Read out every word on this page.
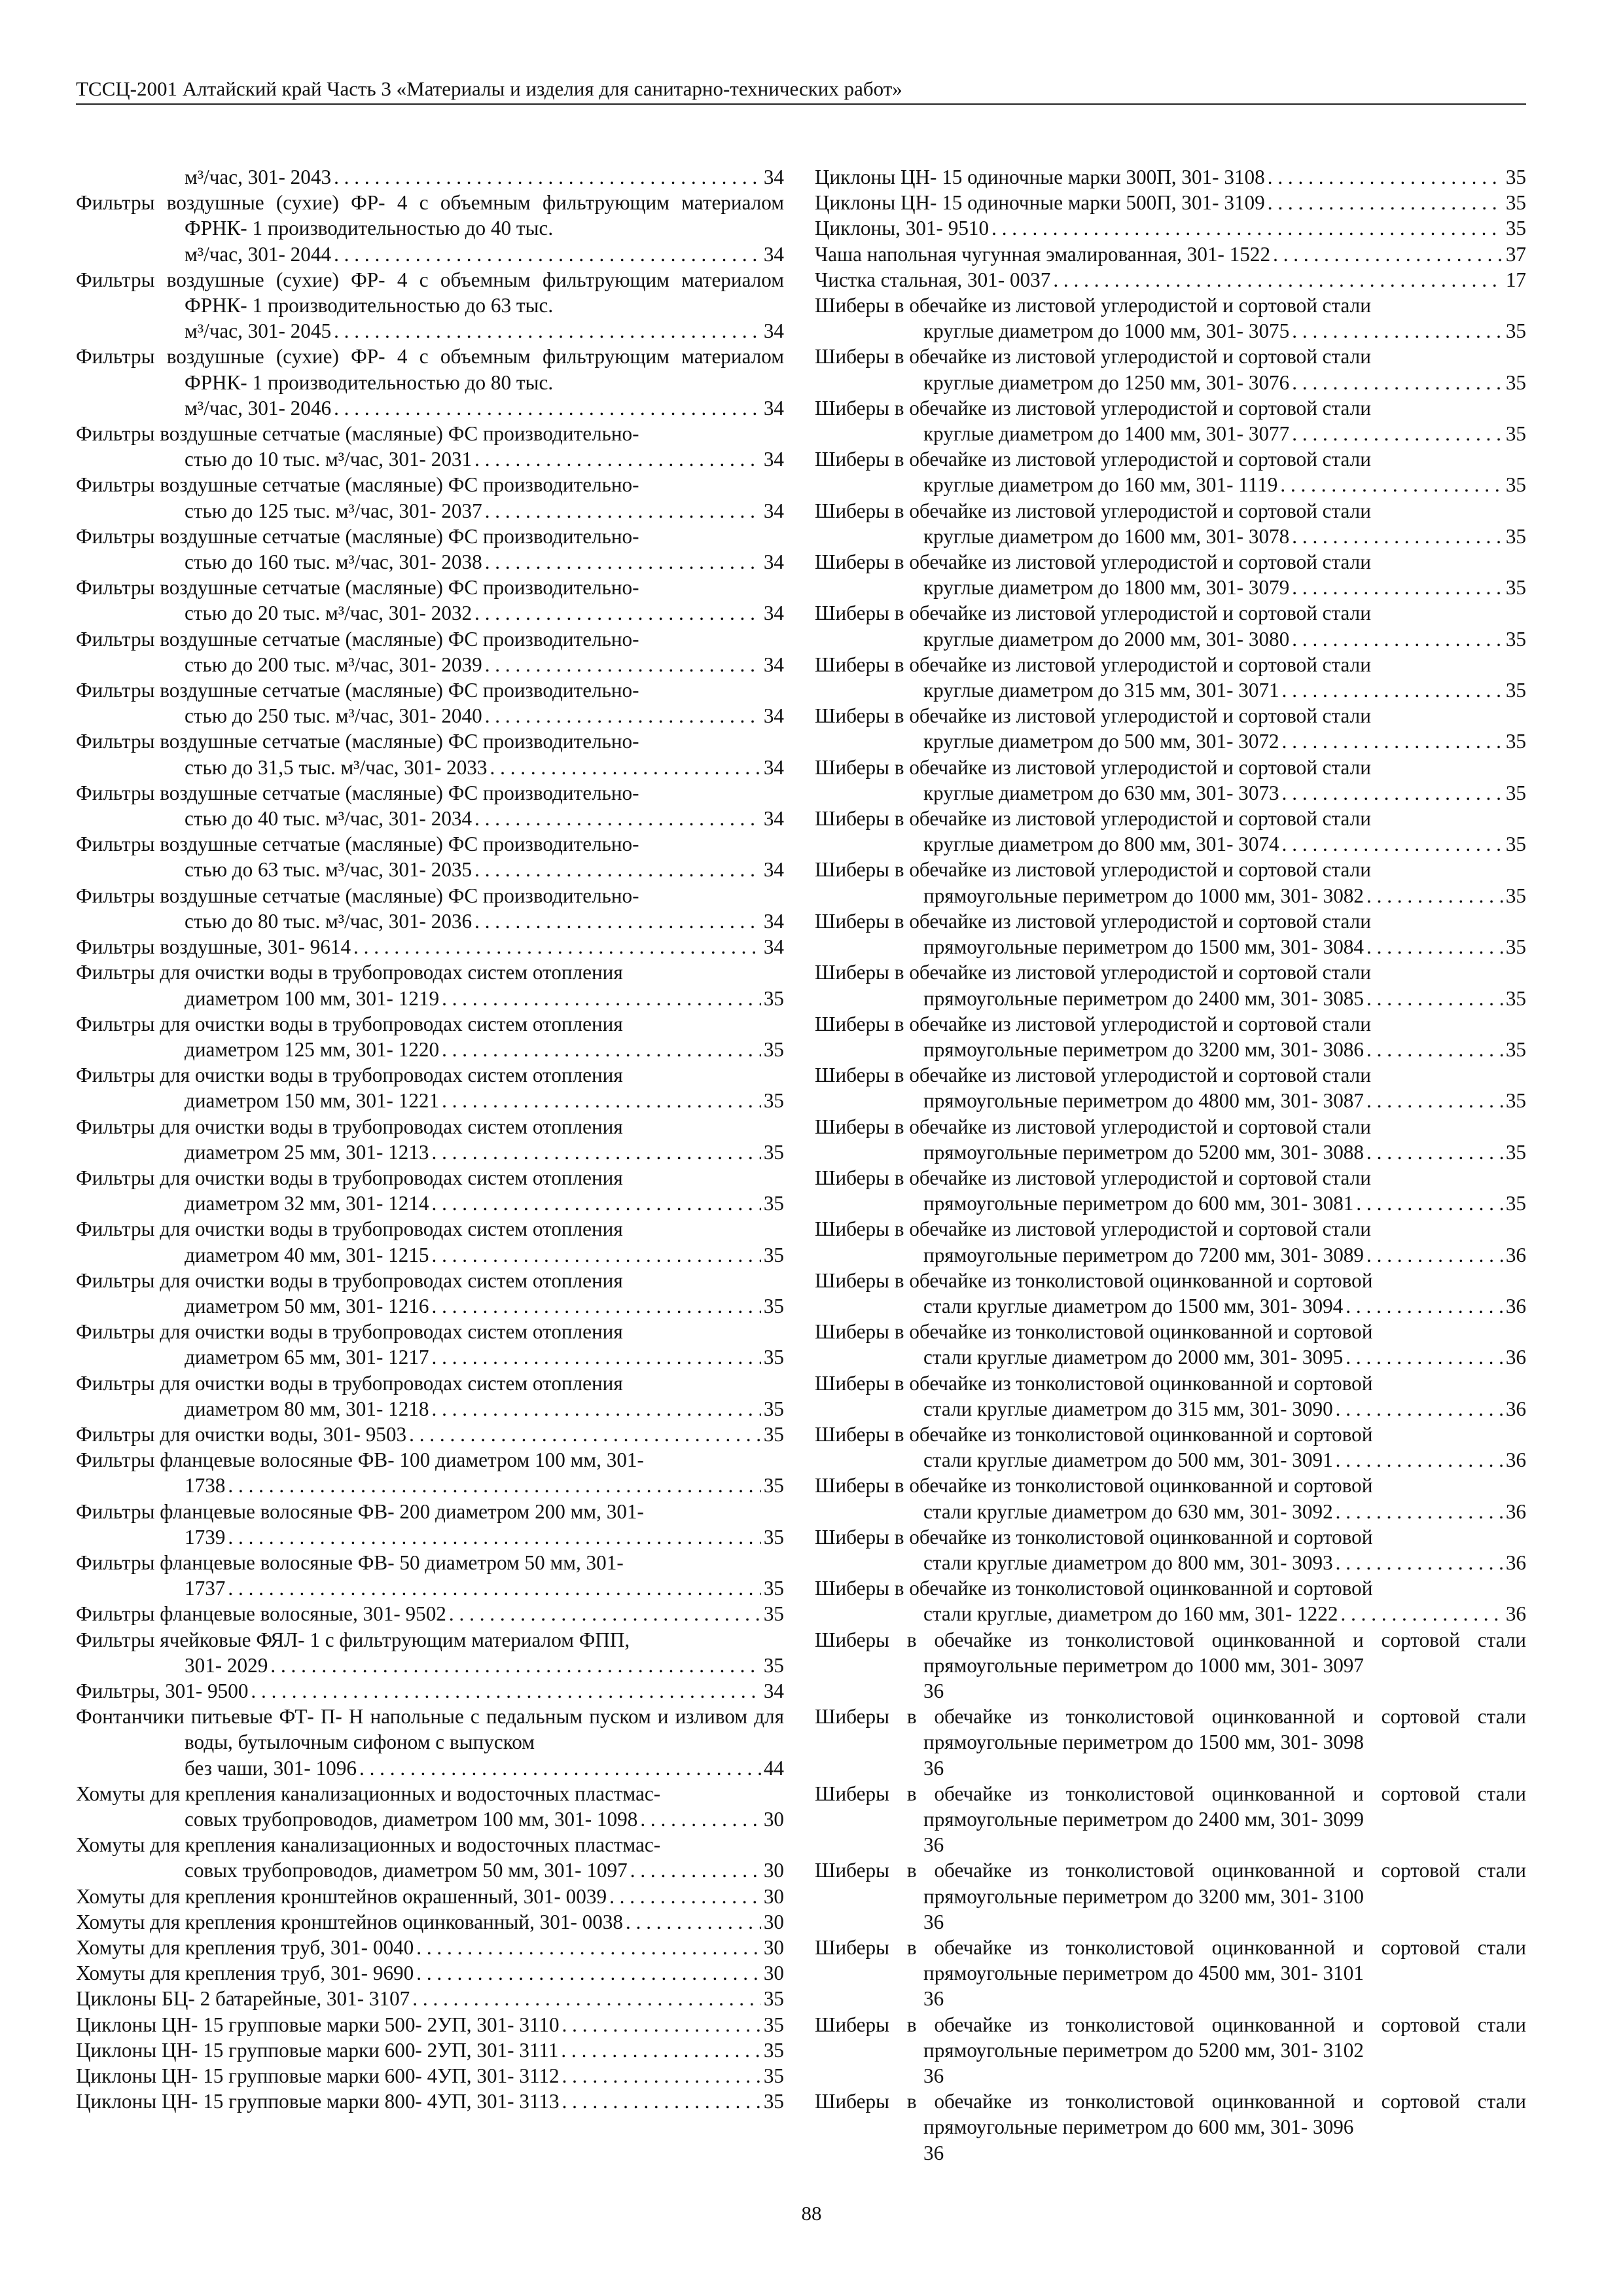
ТССЦ-2001 Алтайский край Часть 3 «Материалы и изделия для санитарно-технических работ»
м³/час, 301- 2043 . . .	34
Фильтры воздушные (сухие) ФР- 4 с объемным фильтрующим материалом ФРНК- 1 производительностью до 40 тыс.
м³/час, 301- 2044 . . .	34
Фильтры воздушные (сухие) ФР- 4 с объемным фильтрующим материалом ФРНК- 1 производительностью до 63 тыс.
м³/час, 301- 2045 . . .	34
Фильтры воздушные (сухие) ФР- 4 с объемным фильтрующим материалом ФРНК- 1 производительностью до 80 тыс.
м³/час, 301- 2046 . . .	34
Фильтры воздушные сетчатые (масляные) ФС производительно-
стью до 10 тыс. м³/час, 301- 2031 . . .	34
Фильтры воздушные сетчатые (масляные) ФС производительно-
стью до 125 тыс. м³/час, 301- 2037 . . .	34
Фильтры воздушные сетчатые (масляные) ФС производительно-
стью до 160 тыс. м³/час, 301- 2038 . . .	34
Фильтры воздушные сетчатые (масляные) ФС производительно-
стью до 20 тыс. м³/час, 301- 2032 . . .	34
Фильтры воздушные сетчатые (масляные) ФС производительно-
стью до 200 тыс. м³/час, 301- 2039 . . .	34
Фильтры воздушные сетчатые (масляные) ФС производительно-
стью до 250 тыс. м³/час, 301- 2040 . . .	34
Фильтры воздушные сетчатые (масляные) ФС производительно-
стью до 31,5 тыс. м³/час, 301- 2033 . . .	34
Фильтры воздушные сетчатые (масляные) ФС производительно-
стью до 40 тыс. м³/час, 301- 2034 . . .	34
Фильтры воздушные сетчатые (масляные) ФС производительно-
стью до 63 тыс. м³/час, 301- 2035 . . .	34
Фильтры воздушные сетчатые (масляные) ФС производительно-
стью до 80 тыс. м³/час, 301- 2036 . . .	34
Фильтры воздушные, 301- 9614 . . .	34
Фильтры для очистки воды в трубопроводах систем отопления
диаметром 100 мм, 301- 1219 . . .	35
Фильтры для очистки воды в трубопроводах систем отопления
диаметром 125 мм, 301- 1220 . . .	35
Фильтры для очистки воды в трубопроводах систем отопления
диаметром 150 мм, 301- 1221 . . .	35
Фильтры для очистки воды в трубопроводах систем отопления
диаметром 25 мм, 301- 1213 . . .	35
Фильтры для очистки воды в трубопроводах систем отопления
диаметром 32 мм, 301- 1214 . . .	35
Фильтры для очистки воды в трубопроводах систем отопления
диаметром 40 мм, 301- 1215 . . .	35
Фильтры для очистки воды в трубопроводах систем отопления
диаметром 50 мм, 301- 1216 . . .	35
Фильтры для очистки воды в трубопроводах систем отопления
диаметром 65 мм, 301- 1217 . . .	35
Фильтры для очистки воды в трубопроводах систем отопления
диаметром 80 мм, 301- 1218 . . .	35
Фильтры для очистки воды, 301- 9503 . . .	35
Фильтры фланцевые волосяные ФВ- 100 диаметром 100 мм, 301-
1738 . . .	35
Фильтры фланцевые волосяные ФВ- 200 диаметром 200 мм, 301-
1739 . . .	35
Фильтры фланцевые волосяные ФВ- 50 диаметром 50 мм, 301-
1737 . . .	35
Фильтры фланцевые волосяные, 301- 9502 . . .	35
Фильтры ячейковые ФЯЛ- 1 с фильтрующим материалом ФПП,
301- 2029 . . .	35
Фильтры, 301- 9500 . . .	34
Фонтанчики питьевые ФТ- П- Н напольные с педальным пуском и изливом для воды, бутылочным сифоном с выпуском
без чаши, 301- 1096 . . .	44
Хомуты для крепления канализационных и водосточных пластмас-
совых трубопроводов, диаметром 100 мм, 301- 1098 . . .	30
Хомуты для крепления канализационных и водосточных пластмас-
совых трубопроводов, диаметром 50 мм, 301- 1097 . . .	30
Хомуты для крепления кронштейнов окрашенный, 301- 0039 . . .	30
Хомуты для крепления кронштейнов оцинкованный, 301- 0038 . . .	30
Хомуты для крепления труб, 301- 0040 . . .	30
Хомуты для крепления труб, 301- 9690 . . .	30
Циклоны БЦ- 2 батарейные, 301- 3107 . . .	35
Циклоны ЦН- 15 групповые марки 500- 2УП, 301- 3110 . . .	35
Циклоны ЦН- 15 групповые марки 600- 2УП, 301- 3111 . . .	35
Циклоны ЦН- 15 групповые марки 600- 4УП, 301- 3112 . . .	35
Циклоны ЦН- 15 групповые марки 800- 4УП, 301- 3113 . . .	35
Циклоны ЦН- 15 одиночные марки 300П, 301- 3108 . . .	35
Циклоны ЦН- 15 одиночные марки 500П, 301- 3109 . . .	35
Циклоны, 301- 9510 . . .	35
Чаша напольная чугунная эмалированная, 301- 1522 . . .	37
Чистка стальная, 301- 0037 . . .	17
Шиберы в обечайке из листовой углеродистой и сортовой стали
круглые диаметром до 1000 мм, 301- 3075 . . .	35
Шиберы в обечайке из листовой углеродистой и сортовой стали
круглые диаметром до 1250 мм, 301- 3076 . . .	35
Шиберы в обечайке из листовой углеродистой и сортовой стали
круглые диаметром до 1400 мм, 301- 3077 . . .	35
Шиберы в обечайке из листовой углеродистой и сортовой стали
круглые диаметром до 160 мм, 301- 1119 . . .	35
Шиберы в обечайке из листовой углеродистой и сортовой стали
круглые диаметром до 1600 мм, 301- 3078 . . .	35
Шиберы в обечайке из листовой углеродистой и сортовой стали
круглые диаметром до 1800 мм, 301- 3079 . . .	35
Шиберы в обечайке из листовой углеродистой и сортовой стали
круглые диаметром до 2000 мм, 301- 3080 . . .	35
Шиберы в обечайке из листовой углеродистой и сортовой стали
круглые диаметром до 315 мм, 301- 3071 . . .	35
Шиберы в обечайке из листовой углеродистой и сортовой стали
круглые диаметром до 500 мм, 301- 3072 . . .	35
Шиберы в обечайке из листовой углеродистой и сортовой стали
круглые диаметром до 630 мм, 301- 3073 . . .	35
Шиберы в обечайке из листовой углеродистой и сортовой стали
круглые диаметром до 800 мм, 301- 3074 . . .	35
Шиберы в обечайке из листовой углеродистой и сортовой стали
прямоугольные периметром до 1000 мм, 301- 3082 . . .	35
Шиберы в обечайке из листовой углеродистой и сортовой стали
прямоугольные периметром до 1500 мм, 301- 3084 . . .	35
Шиберы в обечайке из листовой углеродистой и сортовой стали
прямоугольные периметром до 2400 мм, 301- 3085 . . .	35
Шиберы в обечайке из листовой углеродистой и сортовой стали
прямоугольные периметром до 3200 мм, 301- 3086 . . .	35
Шиберы в обечайке из листовой углеродистой и сортовой стали
прямоугольные периметром до 4800 мм, 301- 3087 . . .	35
Шиберы в обечайке из листовой углеродистой и сортовой стали
прямоугольные периметром до 5200 мм, 301- 3088 . . .	35
Шиберы в обечайке из листовой углеродистой и сортовой стали
прямоугольные периметром до 600 мм, 301- 3081 . . .	35
Шиберы в обечайке из листовой углеродистой и сортовой стали
прямоугольные периметром до 7200 мм, 301- 3089 . . .	36
Шиберы в обечайке из тонколистовой оцинкованной и сортовой
стали круглые диаметром до 1500 мм, 301- 3094 . . .	36
Шиберы в обечайке из тонколистовой оцинкованной и сортовой
стали круглые диаметром до 2000 мм, 301- 3095 . . .	36
Шиберы в обечайке из тонколистовой оцинкованной и сортовой
стали круглые диаметром до 315 мм, 301- 3090 . . .	36
Шиберы в обечайке из тонколистовой оцинкованной и сортовой
стали круглые диаметром до 500 мм, 301- 3091 . . .	36
Шиберы в обечайке из тонколистовой оцинкованной и сортовой
стали круглые диаметром до 630 мм, 301- 3092 . . .	36
Шиберы в обечайке из тонколистовой оцинкованной и сортовой
стали круглые диаметром до 800 мм, 301- 3093 . . .	36
Шиберы в обечайке из тонколистовой оцинкованной и сортовой
стали круглые, диаметром до 160 мм, 301- 1222 . . .	36
Шиберы в обечайке из тонколистовой оцинкованной и сортовой стали прямоугольные периметром до 1000 мм, 301- 3097
36
Шиберы в обечайке из тонколистовой оцинкованной и сортовой стали прямоугольные периметром до 1500 мм, 301- 3098
36
Шиберы в обечайке из тонколистовой оцинкованной и сортовой стали прямоугольные периметром до 2400 мм, 301- 3099
36
Шиберы в обечайке из тонколистовой оцинкованной и сортовой стали прямоугольные периметром до 3200 мм, 301- 3100
36
Шиберы в обечайке из тонколистовой оцинкованной и сортовой стали прямоугольные периметром до 4500 мм, 301- 3101
36
Шиберы в обечайке из тонколистовой оцинкованной и сортовой стали прямоугольные периметром до 5200 мм, 301- 3102
36
Шиберы в обечайке из тонколистовой оцинкованной и сортовой стали прямоугольные периметром до 600 мм, 301- 3096
36
88
